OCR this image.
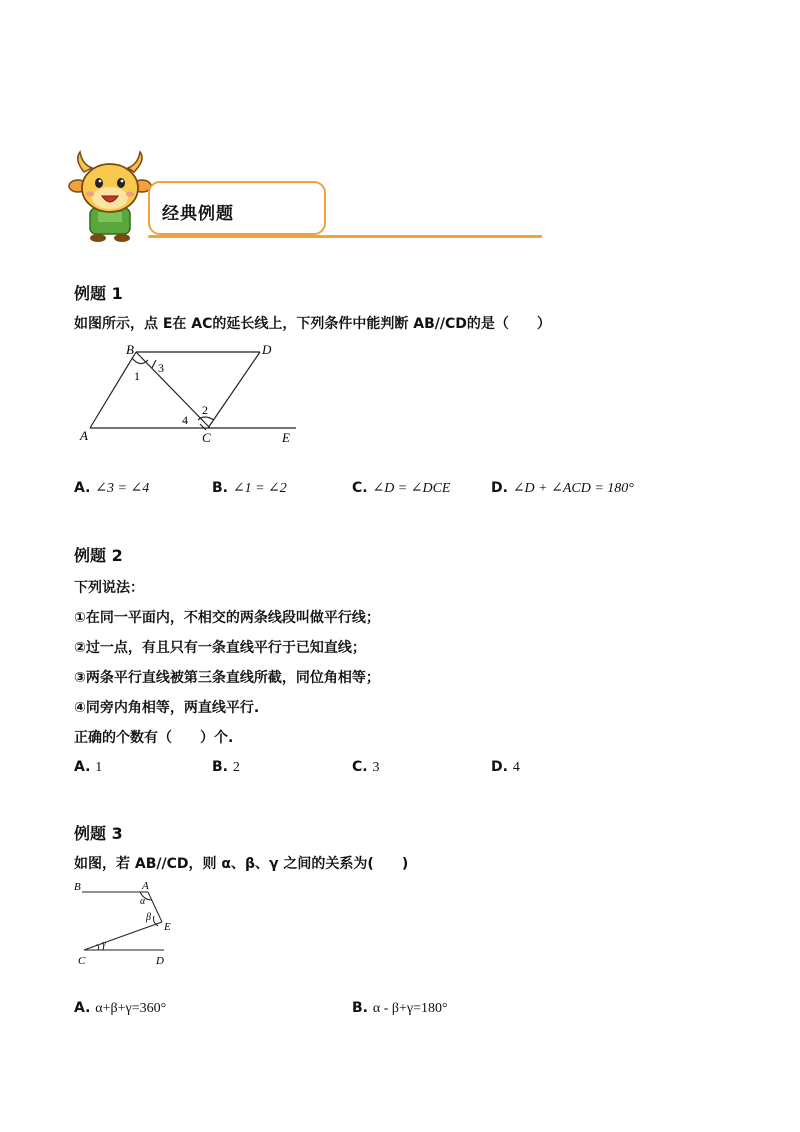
经典例题
例题 1
如图所示，点 E在 AC的延长线上，下列条件中能判断 AB//CD的是（　　）
B	D
1
3
2
4
A	C	E
A. ∠3 = ∠4	B. ∠1 = ∠2	C. ∠D = ∠DCE	D. ∠D + ∠ACD = 180°
例题 2
下列说法：
①在同一平面内，不相交的两条线段叫做平行线；
②过一点，有且只有一条直线平行于已知直线；
③两条平行直线被第三条直线所截，同位角相等；
④同旁内角相等，两直线平行.
正确的个数有（　　）个.
A. 1	B. 2	C. 3	D. 4
例题 3
如图，若 AB//CD，则 α、β、γ 之间的关系为(　　)
B	A
α
β
E
γ
C	D
A. α+β+γ=360°	B. α - β+γ=180°
